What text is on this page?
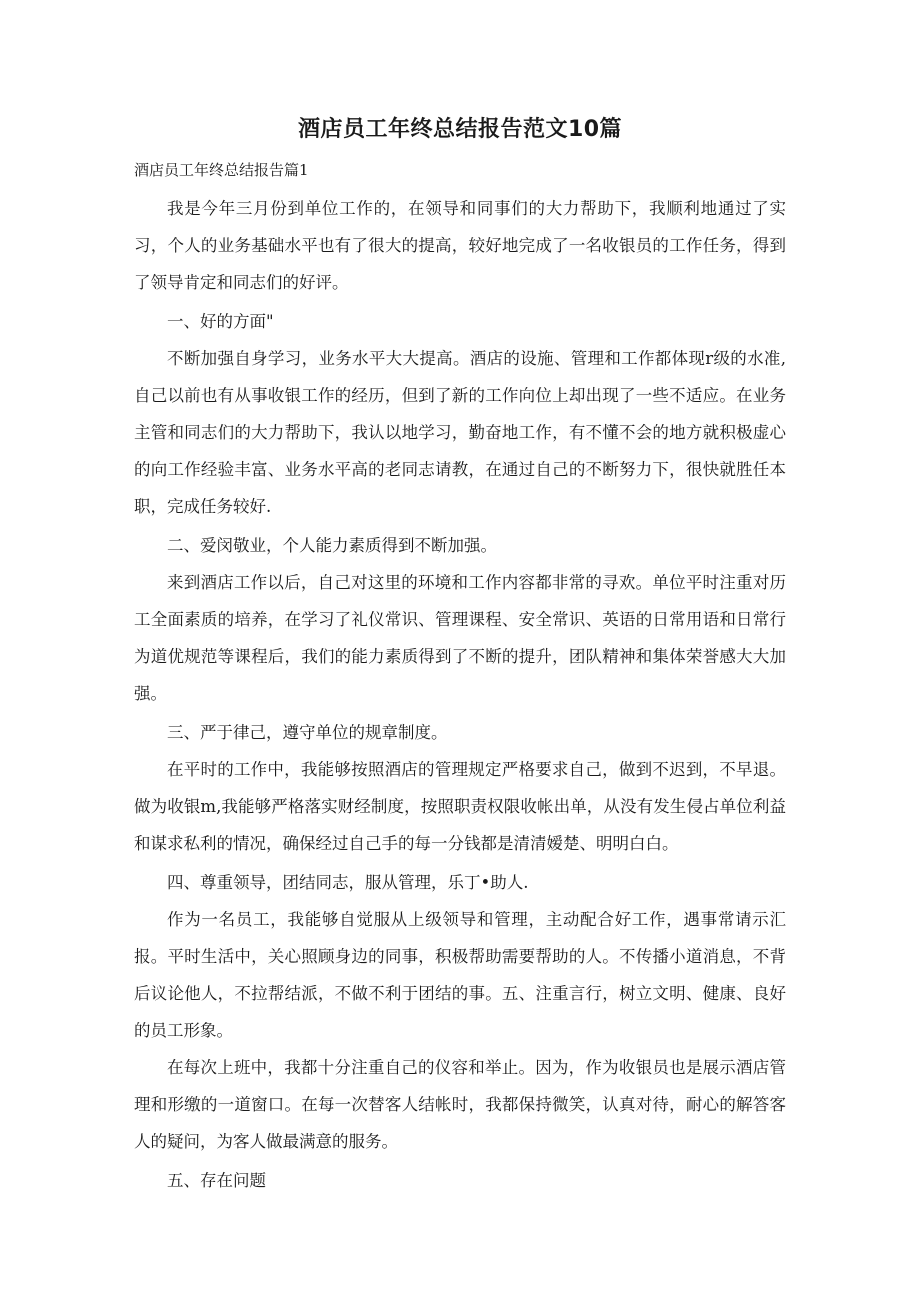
酒店员工年终总结报告范文10篇
酒店员工年终总结报告篇1

我是今年三月份到单位工作的，在领导和同事们的大力帮助下，我顺利地通过了实习，个人的业务基础水平也有了很大的提高，较好地完成了一名收银员的工作任务，得到了领导肯定和同志们的好评。

一、好的方面"

不断加强自身学习，业务水平大大提高。酒店的设施、管理和工作都体现r级的水准,自己以前也有从事收银工作的经历，但到了新的工作向位上却出现了一些不适应。在业务主管和同志们的大力帮助下，我认以地学习，勤奋地工作，有不懂不会的地方就积极虚心的向工作经验丰富、业务水平高的老同志请教，在通过自己的不断努力下，很快就胜任本职，完成任务较好.

二、爱闵敬业，个人能力素质得到不断加强。

来到酒店工作以后，自己对这里的环境和工作内容都非常的寻欢。单位平时注重对历工全面素质的培养，在学习了礼仪常识、管理课程、安全常识、英语的日常用语和日常行为道优规范等课程后，我们的能力素质得到了不断的提升，团队精神和集体荣誉感大大加强。

三、严于律己，遵守单位的规章制度。

在平时的工作中，我能够按照酒店的管理规定严格要求自己，做到不迟到，不早退。做为收银m,我能够严格落实财经制度，按照职责权限收帐出单，从没有发生侵占单位利益和谋求私利的情况，确保经过自己手的每一分钱都是清清嫒楚、明明白白。

四、尊重领导，团结同志，服从管理，乐丁•助人.

作为一名员工，我能够自觉服从上级领导和管理，主动配合好工作，遇事常请示汇报。平时生活中，关心照顾身边的同事，积极帮助需要帮助的人。不传播小道消息，不背后议论他人，不拉帮结派，不做不利于团结的事。五、注重言行，树立文明、健康、良好的员工形象。

在每次上班中，我都十分注重自己的仪容和举止。因为，作为收银员也是展示酒店管理和形缴的一道窗口。在每一次替客人结帐时，我都保持微笑，认真对待，耐心的解答客人的疑问，为客人做最满意的服务。

五、存在问题
